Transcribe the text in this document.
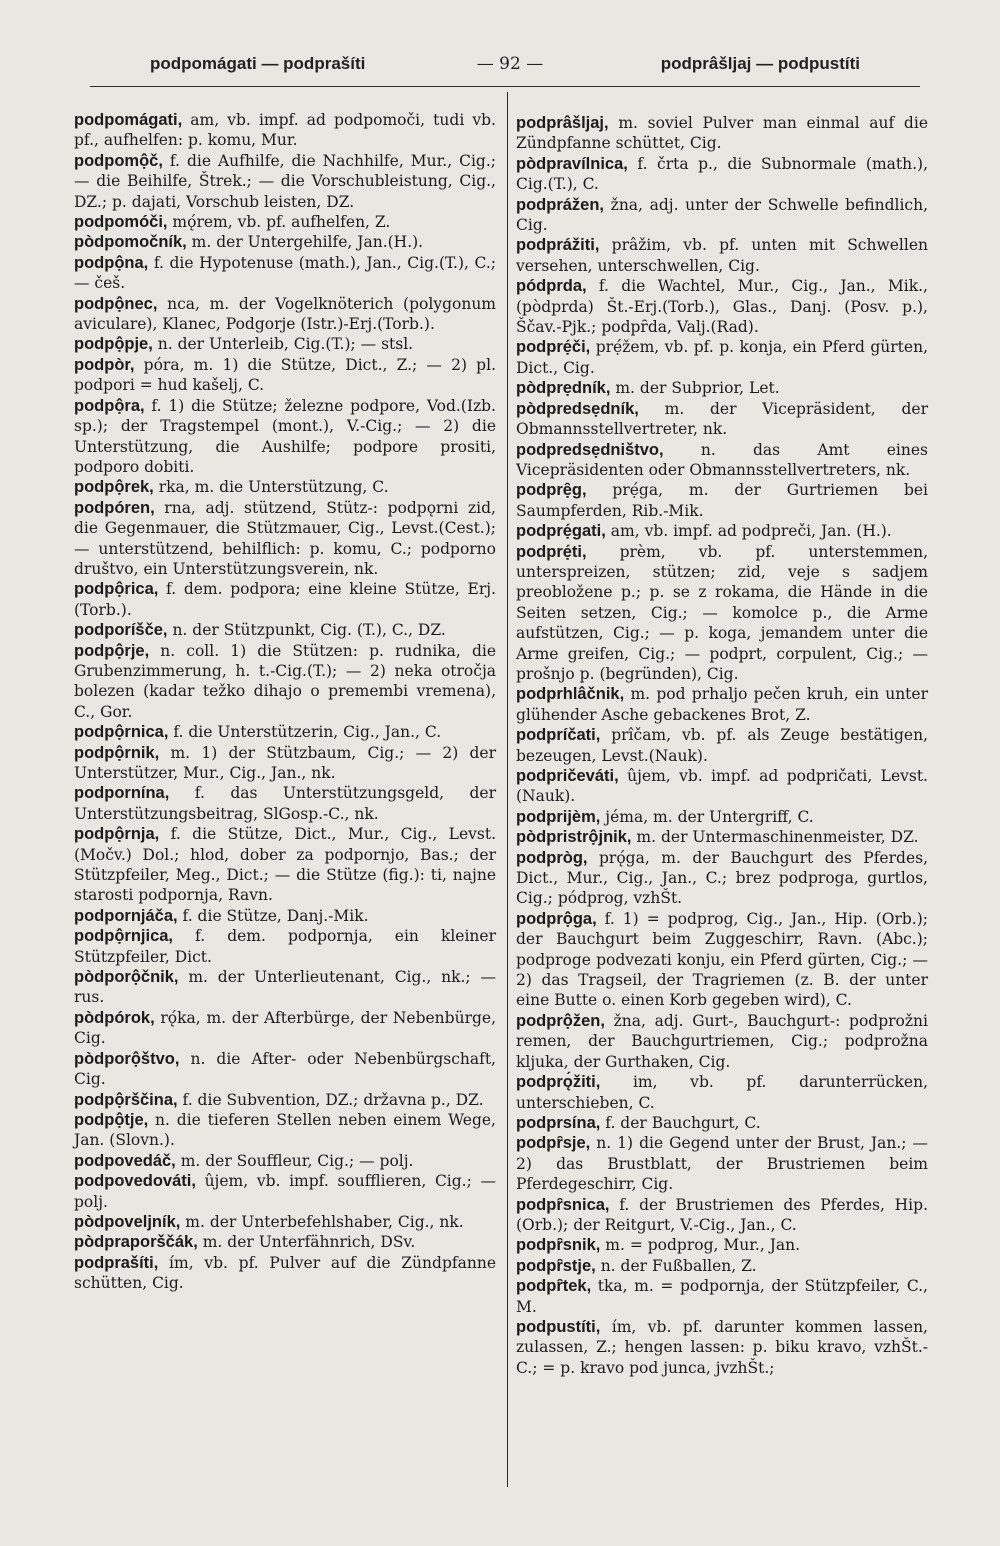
podpomágati — podprašíti	— 92 —	podprâšljaj — podpustíti

podpomágati, am, vb. impf. ad podpomoči, tudi vb. pf., aufhelfen: p. komu, Mur.

podpomộč, f. die Aufhilfe, die Nachhilfe, Mur., Cig.; — die Beihilfe, Štrek.; — die Vorschubleistung, Cig., DZ.; p. dajati, Vorschub leisten, DZ.

podpomóči, mǫ́rem, vb. pf. aufhelfen, Z.

pòdpomočník, m. der Untergehilfe, Jan.(H.).

podpộna, f. die Hypotenuse (math.), Jan., Cig.(T.), C.; — češ.

podpộnec, nca, m. der Vogelknöterich (polygonum aviculare), Klanec, Podgorje (Istr.)-Erj.(Torb.).

podpộpje, n. der Unterleib, Cig.(T.); — stsl.

podpòr, póra, m. 1) die Stütze, Dict., Z.; — 2) pl. podpori = hud kašelj, C.

podpộra, f. 1) die Stütze; železne podpore, Vod.(Izb. sp.); der Tragstempel (mont.), V.-Cig.; — 2) die Unterstützung, die Aushilfe; podpore prositi, podporo dobiti.

podpộrek, rka, m. die Unterstützung, C.

podpóren, rna, adj. stützend, Stütz-: podpǫrni zid, die Gegenmauer, die Stützmauer, Cig., Levst.(Cest.); — unterstützend, behilflich: p. komu, C.; podporno društvo, ein Unterstützungsverein, nk.

podpộrica, f. dem. podpora; eine kleine Stütze, Erj.(Torb.).

podporíšče, n. der Stützpunkt, Cig. (T.), C., DZ.

podpộrje, n. coll. 1) die Stützen: p. rudnika, die Grubenzimmerung, h. t.-Cig.(T.); — 2) neka otročja bolezen (kadar težko dihajo o premembi vremena), C., Gor.

podpộrnica, f. die Unterstützerin, Cig., Jan., C.

podpộrnik, m. 1) der Stützbaum, Cig.; — 2) der Unterstützer, Mur., Cig., Jan., nk.

podpornína, f. das Unterstützungsgeld, der Unterstützungsbeitrag, SlGosp.-C., nk.

podpộrnja, f. die Stütze, Dict., Mur., Cig., Levst.(Močv.) Dol.; hlod, dober za podpornjo, Bas.; der Stützpfeiler, Meg., Dict.; — die Stütze (fig.): ti, najne starosti podpornja, Ravn.

podpornjáča, f. die Stütze, Danj.-Mik.

podpộrnjica, f. dem. podpornja, ein kleiner Stützpfeiler, Dict.

pòdporộčnik, m. der Unterlieutenant, Cig., nk.; — rus.

pòdpórok, rǫ́ka, m. der Afterbürge, der Nebenbürge, Cig.

pòdporộštvo, n. die After- oder Nebenbürgschaft, Cig.

podpộrščina, f. die Subvention, DZ.; državna p., DZ.

podpộtje, n. die tieferen Stellen neben einem Wege, Jan. (Slovn.).

podpovedáč, m. der Souffleur, Cig.; — polj.

podpovedováti, ûjem, vb. impf. soufflieren, Cig.; — polj.

pòdpoveljník, m. der Unterbefehlshaber, Cig., nk.

pòdpraporščák, m. der Unterfähnrich, DSv.

podprašíti, ím, vb. pf. Pulver auf die Zündpfanne schütten, Cig.

podprâšljaj, m. soviel Pulver man einmal auf die Zündpfanne schüttet, Cig.

pòdpravílnica, f. črta p., die Subnormale (math.), Cig.(T.), C.

podprážen, žna, adj. unter der Schwelle befindlich, Cig.

podprážiti, prâžim, vb. pf. unten mit Schwellen versehen, unterschwellen, Cig.

pódprda, f. die Wachtel, Mur., Cig., Jan., Mik., (pòdprda) Št.-Erj.(Torb.), Glas., Danj. (Posv. p.), Ščav.-Pjk.; podpȓda, Valj.(Rad).

podprẹ́či, prẹ́žem, vb. pf. p. konja, ein Pferd gürten, Dict., Cig.

pòdprẹdník, m. der Subprior, Let.

pòdpredsẹdník, m. der Vicepräsident, der Obmannsstellvertreter, nk.

podpredsẹdništvo, n. das Amt eines Vicepräsidenten oder Obmannsstellvertreters, nk.

podprẹ̑g, prẹ́ga, m. der Gurtriemen bei Saumpferden, Rib.-Mik.

podprẹ́gati, am, vb. impf. ad podpreči, Jan. (H.).

podprẹ́ti, prèm, vb. pf. unterstemmen, unterspreizen, stützen; zid, veje s sadjem preobložene p.; p. se z rokama, die Hände in die Seiten setzen, Cig.; — komolce p., die Arme aufstützen, Cig.; — p. koga, jemandem unter die Arme greifen, Cig.; — podprt, corpulent, Cig.; — prošnjo p. (begründen), Cig.

podprhlâčnik, m. pod prhaljo pečen kruh, ein unter glühender Asche gebackenes Brot, Z.

podpríčati, prîčam, vb. pf. als Zeuge bestätigen, bezeugen, Levst.(Nauk).

podpričeváti, ûjem, vb. impf. ad podpričati, Levst.(Nauk).

podprijèm, jéma, m. der Untergriff, C.

pòdpristrộjnik, m. der Untermaschinenmeister, DZ.

podpròg, prǫ́ga, m. der Bauchgurt des Pferdes, Dict., Mur., Cig., Jan., C.; brez podproga, gurtlos, Cig.; pódprog, vzhŠt.

podprộga, f. 1) = podprog, Cig., Jan., Hip. (Orb.); der Bauchgurt beim Zuggeschirr, Ravn. (Abc.); podproge podvezati konju, ein Pferd gürten, Cig.; — 2) das Tragseil, der Tragriemen (z. B. der unter eine Butte o. einen Korb gegeben wird), C.

podprộžen, žna, adj. Gurt-, Bauchgurt-: podprožni remen, der Bauchgurtriemen, Cig.; podprožna kljuka, der Gurthaken, Cig.

podprǫ́žiti, im, vb. pf. darunterrücken, unterschieben, C.

podprsína, f. der Bauchgurt, C.

podpȓsje, n. 1) die Gegend unter der Brust, Jan.; — 2) das Brustblatt, der Brustriemen beim Pferdegeschirr, Cig.

podpȓsnica, f. der Brustriemen des Pferdes, Hip.(Orb.); der Reitgurt, V.-Cig., Jan., C.

podpȓsnik, m. = podprog, Mur., Jan.

podpȓstje, n. der Fußballen, Z.

podpȓtek, tka, m. = podpornja, der Stützpfeiler, C., M.

podpustíti, ím, vb. pf. darunter kommen lassen, zulassen, Z.; hengen lassen: p. biku kravo, vzhŠt.-C.; = p. kravo pod junca, jvzhŠt.;
